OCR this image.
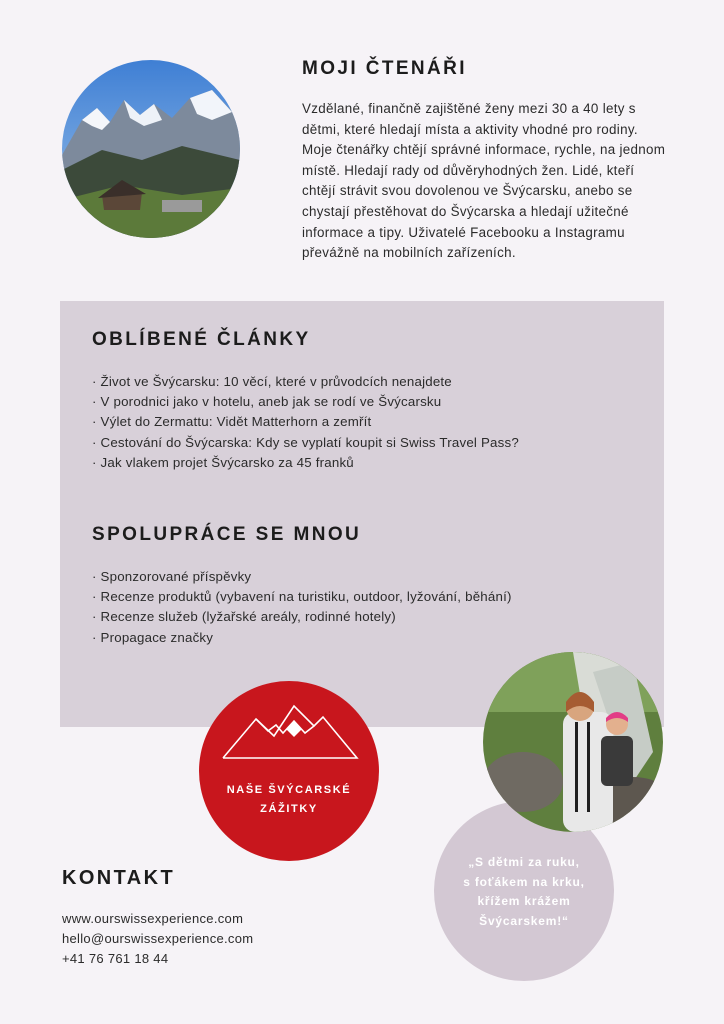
MOJI ČTENÁŘI

Vzdělané, finančně zajištěné ženy mezi 30 a 40 lety s dětmi, které hledají místa a aktivity vhodné pro rodiny. Moje čtenářky chtějí správné informace, rychle, na jednom místě. Hledají rady od důvěryhodných žen. Lidé, kteří chtějí strávit svou dovolenou ve Švýcarsku, anebo se chystají přestěhovat do Švýcarska a hledají užitečné informace a tipy. Uživatelé Facebooku a Instagramu převážně na mobilních zařízeních.

OBLÍBENÉ ČLÁNKY
· Život ve Švýcarsku: 10 věcí, které v průvodcích nenajdete
· V porodnici jako v hotelu, aneb jak se rodí ve Švýcarsku
· Výlet do Zermattu: Vidět Matterhorn a zemřít
· Cestování do Švýcarska: Kdy se vyplatí koupit si Swiss Travel Pass?
· Jak vlakem projet Švýcarsko za 45 franků
SPOLUPRÁCE SE MNOU
· Sponzorované příspěvky
· Recenze produktů (vybavení na turistiku, outdoor, lyžování, běhání)
· Recenze služeb (lyžařské areály, rodinné hotely)
· Propagace značky
NAŠE ŠVÝCARSKÉ
ZÁŽITKY
„S dětmi za ruku,
s foťákem na krku,
křížem krážem
Švýcarskem!“
KONTAKT
www.ourswissexperience.com
hello@ourswissexperience.com
+41 76 761 18 44
